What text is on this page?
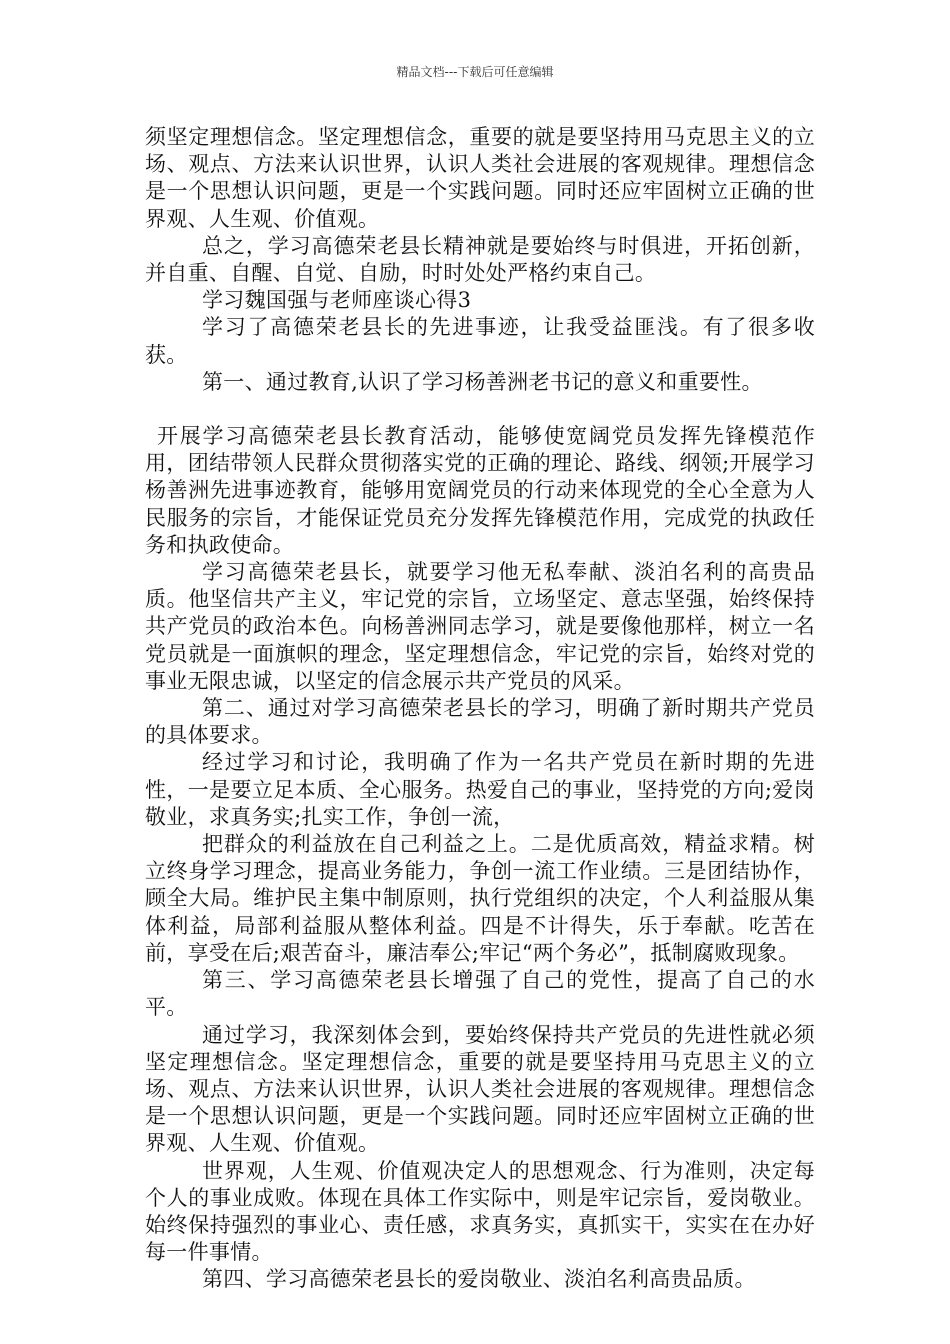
精品文档---下载后可任意编辑

须坚定理想信念。坚定理想信念，重要的就是要坚持用马克思主义的立场、观点、方法来认识世界，认识人类社会进展的客观规律。理想信念是一个思想认识问题，更是一个实践问题。同时还应牢固树立正确的世界观、人生观、价值观。

总之，学习高德荣老县长精神就是要始终与时俱进，开拓创新，并自重、自醒、自觉、自励，时时处处严格约束自己。

学习魏国强与老师座谈心得3

学习了高德荣老县长的先进事迹，让我受益匪浅。有了很多收获。

第一、通过教育,认识了学习杨善洲老书记的意义和重要性。

开展学习高德荣老县长教育活动，能够使宽阔党员发挥先锋模范作用，团结带领人民群众贯彻落实党的正确的理论、路线、纲领;开展学习杨善洲先进事迹教育，能够用宽阔党员的行动来体现党的全心全意为人民服务的宗旨，才能保证党员充分发挥先锋模范作用，完成党的执政任务和执政使命。

学习高德荣老县长，就要学习他无私奉献、淡泊名利的高贵品质。他坚信共产主义，牢记党的宗旨，立场坚定、意志坚强，始终保持共产党员的政治本色。向杨善洲同志学习，就是要像他那样，树立一名党员就是一面旗帜的理念，坚定理想信念，牢记党的宗旨，始终对党的事业无限忠诚，以坚定的信念展示共产党员的风采。

第二、通过对学习高德荣老县长的学习，明确了新时期共产党员的具体要求。

经过学习和讨论，我明确了作为一名共产党员在新时期的先进性，一是要立足本质、全心服务。热爱自己的事业，坚持党的方向;爱岗敬业，求真务实;扎实工作，争创一流，

把群众的利益放在自己利益之上。二是优质高效，精益求精。树立终身学习理念，提高业务能力，争创一流工作业绩。三是团结协作，顾全大局。维护民主集中制原则，执行党组织的决定，个人利益服从集体利益，局部利益服从整体利益。四是不计得失，乐于奉献。吃苦在前，享受在后;艰苦奋斗，廉洁奉公;牢记“两个务必”，抵制腐败现象。

第三、学习高德荣老县长增强了自己的党性，提高了自己的水平。

通过学习，我深刻体会到，要始终保持共产党员的先进性就必须坚定理想信念。坚定理想信念，重要的就是要坚持用马克思主义的立场、观点、方法来认识世界，认识人类社会进展的客观规律。理想信念是一个思想认识问题，更是一个实践问题。同时还应牢固树立正确的世界观、人生观、价值观。

世界观，人生观、价值观决定人的思想观念、行为准则，决定每个人的事业成败。体现在具体工作实际中，则是牢记宗旨，爱岗敬业。始终保持强烈的事业心、责任感，求真务实，真抓实干，实实在在办好每一件事情。

第四、学习高德荣老县长的爱岗敬业、淡泊名利高贵品质。
